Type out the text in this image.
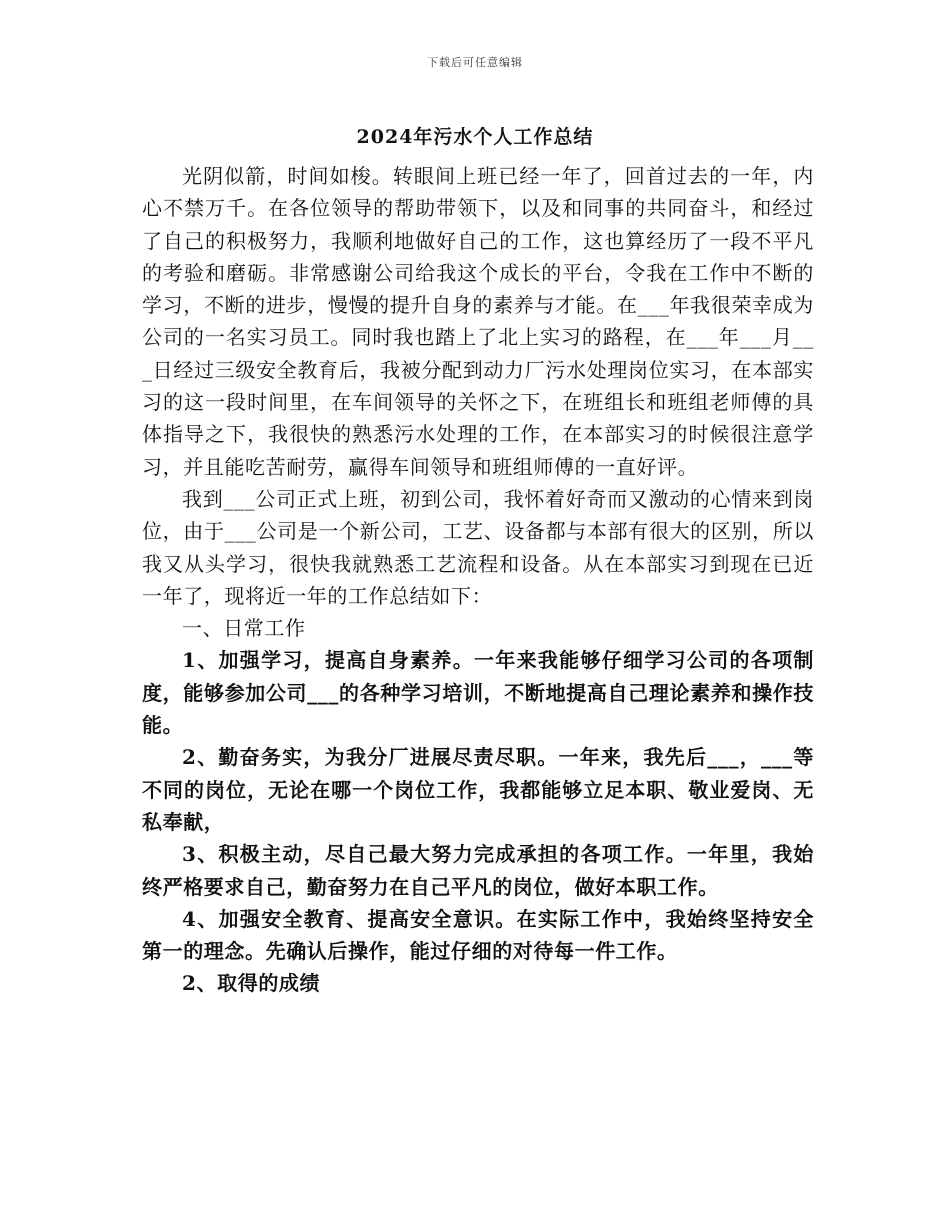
下载后可任意编辑
2024年污水个人工作总结

光阴似箭，时间如梭。转眼间上班已经一年了，回首过去的一年，内心不禁万千。在各位领导的帮助带领下，以及和同事的共同奋斗，和经过了自己的积极努力，我顺利地做好自己的工作，这也算经历了一段不平凡的考验和磨砺。非常感谢公司给我这个成长的平台，令我在工作中不断的学习，不断的进步，慢慢的提升自身的素养与才能。在___年我很荣幸成为公司的一名实习员工。同时我也踏上了北上实习的路程，在___年___月___日经过三级安全教育后，我被分配到动力厂污水处理岗位实习，在本部实习的这一段时间里，在车间领导的关怀之下，在班组长和班组老师傅的具体指导之下，我很快的熟悉污水处理的工作，在本部实习的时候很注意学习，并且能吃苦耐劳，赢得车间领导和班组师傅的一直好评。

我到___公司正式上班，初到公司，我怀着好奇而又激动的心情来到岗位，由于___公司是一个新公司，工艺、设备都与本部有很大的区别，所以我又从头学习，很快我就熟悉工艺流程和设备。从在本部实习到现在已近一年了，现将近一年的工作总结如下：

一、日常工作

1、加强学习，提高自身素养。一年来我能够仔细学习公司的各项制度，能够参加公司___的各种学习培训，不断地提高自己理论素养和操作技能。

2、勤奋务实，为我分厂进展尽责尽职。一年来，我先后___，___等不同的岗位，无论在哪一个岗位工作，我都能够立足本职、敬业爱岗、无私奉献，

3、积极主动，尽自己最大努力完成承担的各项工作。一年里，我始终严格要求自己，勤奋努力在自己平凡的岗位，做好本职工作。

4、加强安全教育、提高安全意识。在实际工作中，我始终坚持安全第一的理念。先确认后操作，能过仔细的对待每一件工作。

2、取得的成绩
